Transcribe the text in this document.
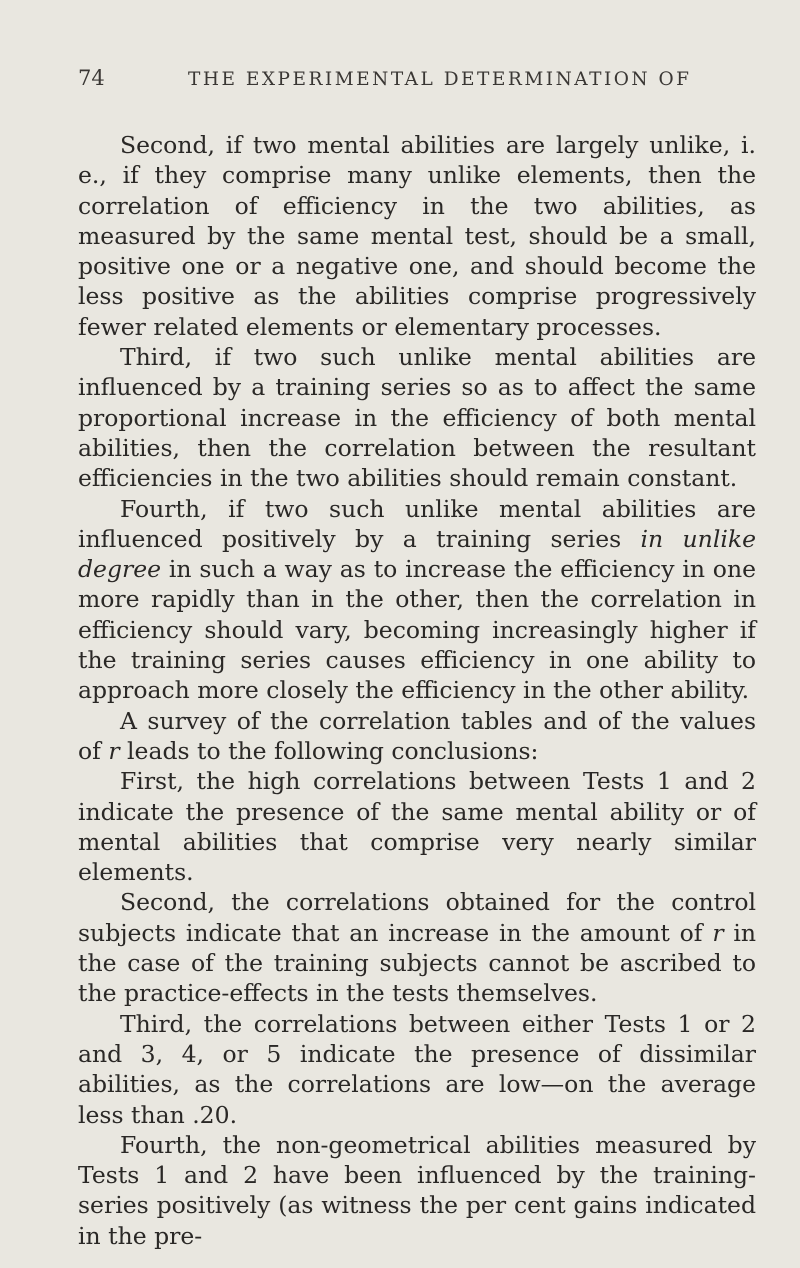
74	THE EXPERIMENTAL DETERMINATION OF

Second, if two mental abilities are largely unlike, i. e., if they comprise many unlike elements, then the correlation of efficiency in the two abilities, as measured by the same mental test, should be a small, positive one or a negative one, and should become the less positive as the abilities comprise progressively fewer related elements or elementary processes.

Third, if two such unlike mental abilities are influenced by a training series so as to affect the same proportional increase in the efficiency of both mental abilities, then the correlation between the resultant efficiencies in the two abilities should remain constant.

Fourth, if two such unlike mental abilities are influenced positively by a training series in unlike degree in such a way as to increase the efficiency in one more rapidly than in the other, then the correlation in efficiency should vary, becoming increasingly higher if the training series causes efficiency in one ability to approach more closely the efficiency in the other ability.

A survey of the correlation tables and of the values of r leads to the following conclusions:

First, the high correlations between Tests 1 and 2 indicate the presence of the same mental ability or of mental abilities that comprise very nearly similar elements.

Second, the correlations obtained for the control subjects indicate that an increase in the amount of r in the case of the training subjects cannot be ascribed to the practice-effects in the tests themselves.

Third, the correlations between either Tests 1 or 2 and 3, 4, or 5 indicate the presence of dissimilar abilities, as the correlations are low—on the average less than .20.

Fourth, the non-geometrical abilities measured by Tests 1 and 2 have been influenced by the training-series positively (as witness the per cent gains indicated in the pre-
